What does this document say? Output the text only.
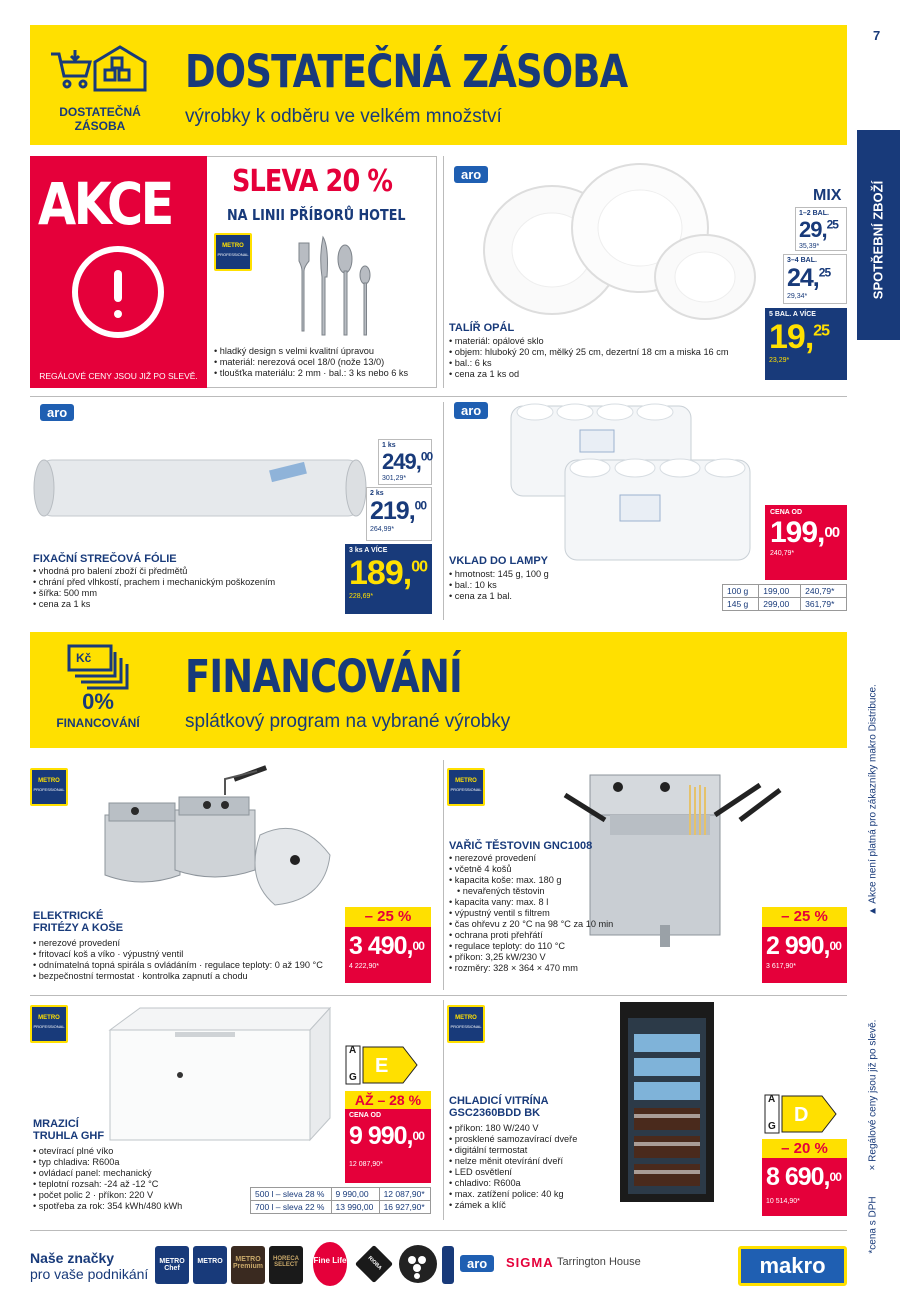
7
SPOTŘEBNÍ ZBOŽÍ
▲ Akce není platná pro zákazníky makro Distribuce.
× Regálové ceny jsou již po slevě.
*cena s DPH
DOSTATEČNÁ ZÁSOBA
DOSTATEČNÁ ZÁSOBA
výrobky k odběru ve velkém množství
AKCE
REGÁLOVÉ CENY JSOU JIŽ PO SLEVĚ.
SLEVA 20 %
NA LINII PŘÍBORŮ HOTEL
METRO
PROFESSIONAL
• hladký design s velmi kvalitní úpravou
• materiál: nerezová ocel 18/0 (nože 13/0)
• tloušťka materiálu: 2 mm · bal.: 3 ks nebo 6 ks
aro
TALÍŘ OPÁL
• materiál: opálové sklo
• objem: hluboký 20 cm, mělký 25 cm, dezertní 18 cm a miska 16 cm
• bal.: 6 ks
• cena za 1 ks od
MIX
1–2 BAL.
29,25
35,39*
3–4 BAL.
24,25
29,34*
5 BAL. A VÍCE
19,25
23,29*
aro
1 ks
249,00
301,29*
2 ks
219,00
264,99*
3 ks A VÍCE
189,00
228,69*
FIXAČNÍ STREČOVÁ FÓLIE
• vhodná pro balení zboží či předmětů
• chrání před vlhkostí, prachem i mechanickým poškozením
• šířka: 500 mm
• cena za 1 ks
aro
VKLAD DO LAMPY
• hmotnost: 145 g, 100 g
• bal.: 10 ks
• cena za 1 bal.
CENA OD
199,00
240,79*
100 g	199,00	240,79*
145 g	299,00	361,79*
Kč
0%
FINANCOVÁNÍ
FINANCOVÁNÍ
splátkový program na vybrané výrobky
METRO
PROFESSIONAL
ELEKTRICKÉ FRITÉZY A KOŠE
• nerezové provedení
• fritovací koš a víko · výpustný ventil
• odnímatelná topná spirála s ovládáním · regulace teploty: 0 až 190 °C
• bezpečnostní termostat · kontrolka zapnutí a chodu
– 25 %
3 490,00
4 222,90*
METRO
PROFESSIONAL
VAŘIČ TĚSTOVIN GNC1008
• nerezové provedení
• včetně 4 košů
• kapacita koše: max. 180 g
• nevařených těstovin
• kapacita vany: max. 8 l
• výpustný ventil s filtrem
• čas ohřevu z 20 °C na 98 °C za 10 min
• ochrana proti přehřátí
• regulace teploty: do 110 °C
• příkon: 3,25 kW/230 V
• rozměry: 328 × 364 × 470 mm
– 25 %
2 990,00
3 617,90*
METRO
PROFESSIONAL
A
G
E
AŽ – 28 %
CENA OD
9 990,00
12 087,90*
MRAZICÍ
TRUHLA GHF
• otevírací plné víko
• typ chladiva: R600a
• ovládací panel: mechanický
• teplotní rozsah: -24 až -12 °C
• počet polic 2 · příkon: 220 V
• spotřeba za rok: 354 kWh/480 kWh
500 l – sleva 28 %	9 990,00	12 087,90*
700 l – sleva 22 %	13 990,00	16 927,90*
METRO
PROFESSIONAL
CHLADICÍ VITRÍNA
GSC2360BDD BK
• příkon: 180 W/240 V
• prosklené samozavírací dveře
• digitální termostat
• nelze měnit otevírání dveří
• LED osvětlení
• chladivo: R600a
• max. zatížení police: 40 kg
• zámek a klíč
A
G
D
– 20 %
8 690,00
10 514,90*
Naše značky
pro vaše podnikání
METRO Chef
METRO	METRO Premium
HORECA SELECT	Fine Life	RIOBA	aro	SIGMA Tarrington House	makro
